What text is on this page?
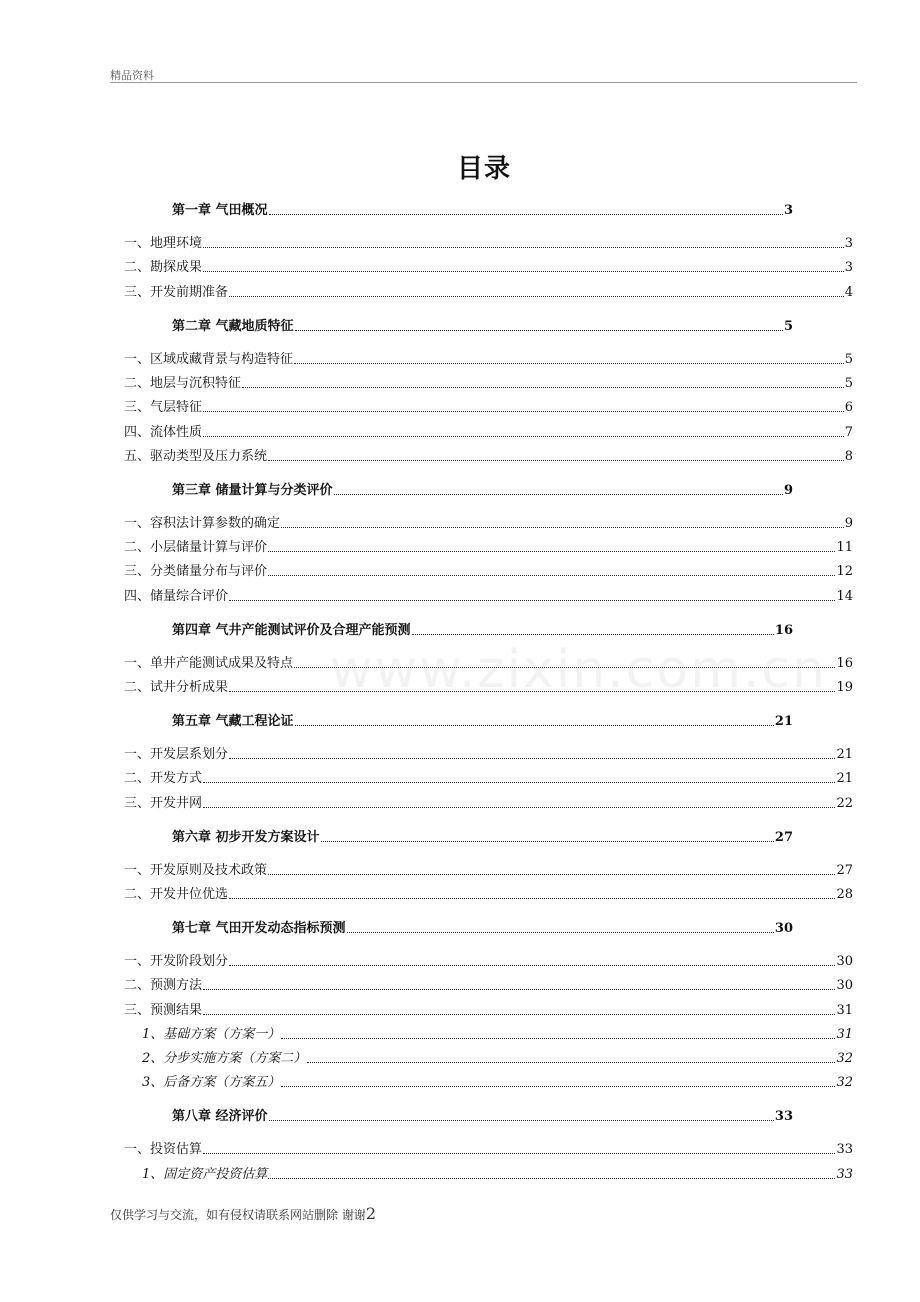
精品资料
目录
www.zixin.com.cn
第一章 气田概况	3
一、地理环境	3
二、勘探成果	3
三、开发前期准备	4
第二章 气藏地质特征	5
一、区域成藏背景与构造特征	5
二、地层与沉积特征	5
三、气层特征	6
四、流体性质	7
五、驱动类型及压力系统	8
第三章 储量计算与分类评价	9
一、容积法计算参数的确定	9
二、小层储量计算与评价	11
三、分类储量分布与评价	12
四、储量综合评价	14
第四章 气井产能测试评价及合理产能预测	16
一、单井产能测试成果及特点	16
二、试井分析成果	19
第五章 气藏工程论证	21
一、开发层系划分	21
二、开发方式	21
三、开发井网	22
第六章 初步开发方案设计	27
一、开发原则及技术政策	27
二、开发井位优选	28
第七章 气田开发动态指标预测	30
一、开发阶段划分	30
二、预测方法	30
三、预测结果	31
1、基础方案（方案一）	31
2、分步实施方案（方案二）	32
3、后备方案（方案五）	32
第八章 经济评价	33
一、投资估算	33
1、固定资产投资估算	33
仅供学习与交流，如有侵权请联系网站删除 谢谢2
